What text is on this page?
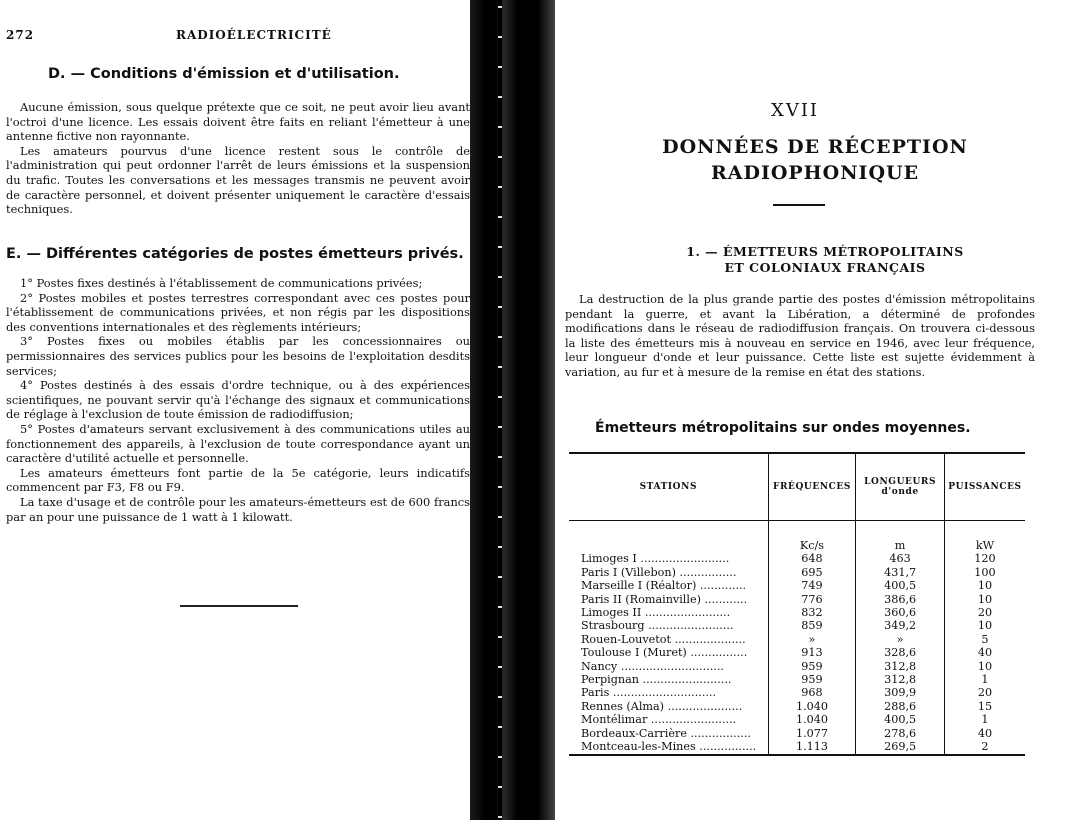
272	RADIOÉLECTRICITÉ
D. — Conditions d'émission et d'utilisation.

Aucune émission, sous quelque prétexte que ce soit, ne peut avoir lieu avant l'octroi d'une licence. Les essais doivent être faits en reliant l'émetteur à une antenne fictive non rayonnante.

Les amateurs pourvus d'une licence restent sous le contrôle de l'administration qui peut ordonner l'arrêt de leurs émissions et la suspension du trafic. Toutes les conversations et les messages transmis ne peuvent avoir de caractère personnel, et doivent présenter uniquement le caractère d'essais techniques.

E. — Différentes catégories de postes émetteurs privés.

1° Postes fixes destinés à l'établissement de communications privées;

2° Postes mobiles et postes terrestres correspondant avec ces postes pour l'établissement de communications privées, et non régis par les dispositions des conventions internationales et des règlements intérieurs;

3° Postes fixes ou mobiles établis par les concessionnaires ou permissionnaires des services publics pour les besoins de l'exploitation desdits services;

4° Postes destinés à des essais d'ordre technique, ou à des expériences scientifiques, ne pouvant servir qu'à l'échange des signaux et communications de réglage à l'exclusion de toute émission de radiodiffusion;

5° Postes d'amateurs servant exclusivement à des communications utiles au fonctionnement des appareils, à l'exclusion de toute correspondance ayant un caractère d'utilité actuelle et personnelle.

Les amateurs émetteurs font partie de la 5e catégorie, leurs indicatifs commencent par F3, F8 ou F9.

La taxe d'usage et de contrôle pour les amateurs-émetteurs est de 600 francs par an pour une puissance de 1 watt à 1 kilowatt.

XVII
DONNÉES DE RÉCEPTION
RADIOPHONIQUE
1. — ÉMETTEURS MÉTROPOLITAINS
ET COLONIAUX FRANÇAIS

La destruction de la plus grande partie des postes d'émission métropolitains pendant la guerre, et avant la Libération, a déterminé de profondes modifications dans le réseau de radiodiffusion français. On trouvera ci-dessous la liste des émetteurs mis à nouveau en service en 1946, avec leur fréquence, leur longueur d'onde et leur puissance. Cette liste est sujette évidemment à variation, au fur et à mesure de la remise en état des stations.

Émetteurs métropolitains sur ondes moyennes.
STATIONS	FRÉQUENCES	LONGUEURS d'onde	PUISSANCES
	Kc/s	m	kW
Limoges I .........................	648	463	120
Paris I (Villebon) ................	695	431,7	100
Marseille I (Réaltor) .............	749	400,5	10
Paris II (Romainville) ............	776	386,6	10
Limoges II ........................	832	360,6	20
Strasbourg ........................	859	349,2	10
Rouen-Louvetot ....................	»	»	5
Toulouse I (Muret) ................	913	328,6	40
Nancy .............................	959	312,8	10
Perpignan .........................	959	312,8	1
Paris .............................	968	309,9	20
Rennes (Alma) .....................	1.040	288,6	15
Montélimar ........................	1.040	400,5	1
Bordeaux-Carrière .................	1.077	278,6	40
Montceau-les-Mines ................	1.113	269,5	2
